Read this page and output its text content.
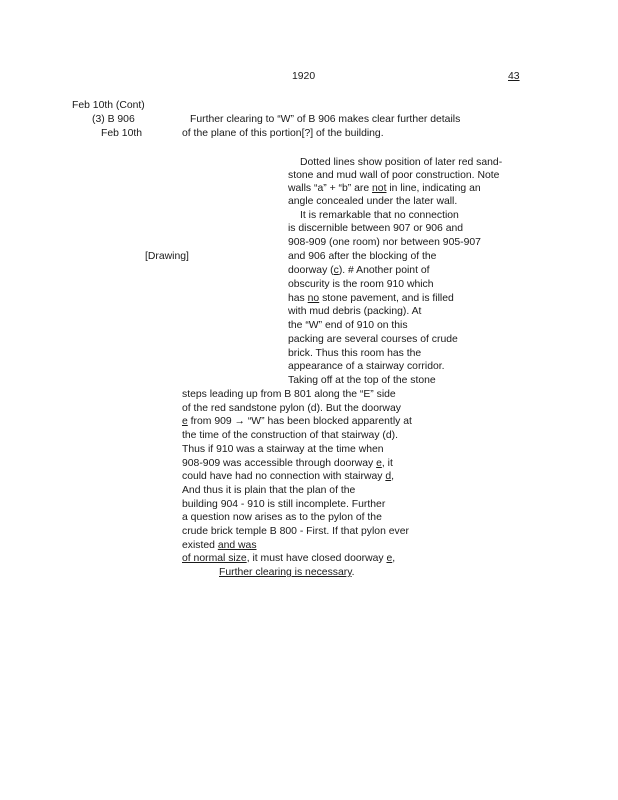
1920	43
Feb 10th (Cont)
(3) B 906
Feb 10th
Further clearing to “W” of B 906 makes clear further details
of the plane of this portion[?] of the building.
[Drawing]
Dotted lines show position of later red sand-
stone and mud wall of poor construction. Note
walls “a” + “b” are not in line, indicating an
angle concealed under the later wall.
It is remarkable that no connection
is discernible between 907 or 906 and
908-909 (one room) nor between 905-907
and 906 after the blocking of the
doorway (c). # Another point of
obscurity is the room 910 which
has no stone pavement, and is filled
with mud debris (packing). At
the “W” end of 910 on this
packing are several courses of crude
brick. Thus this room has the
appearance of a stairway corridor.
Taking off at the top of the stone
steps leading up from B 801 along the “E” side
of the red sandstone pylon (d). But the doorway
e from 909 → “W” has been blocked apparently at
the time of the construction of that stairway (d).
Thus if 910 was a stairway at the time when
908-909 was accessible through doorway e, it
could have had no connection with stairway d,
And thus it is plain that the plan of the
building 904 - 910 is still incomplete. Further
a question now arises as to the pylon of the
crude brick temple B 800 - First. If that pylon ever
existed and was
of normal size, it must have closed doorway e,
Further clearing is necessary.
